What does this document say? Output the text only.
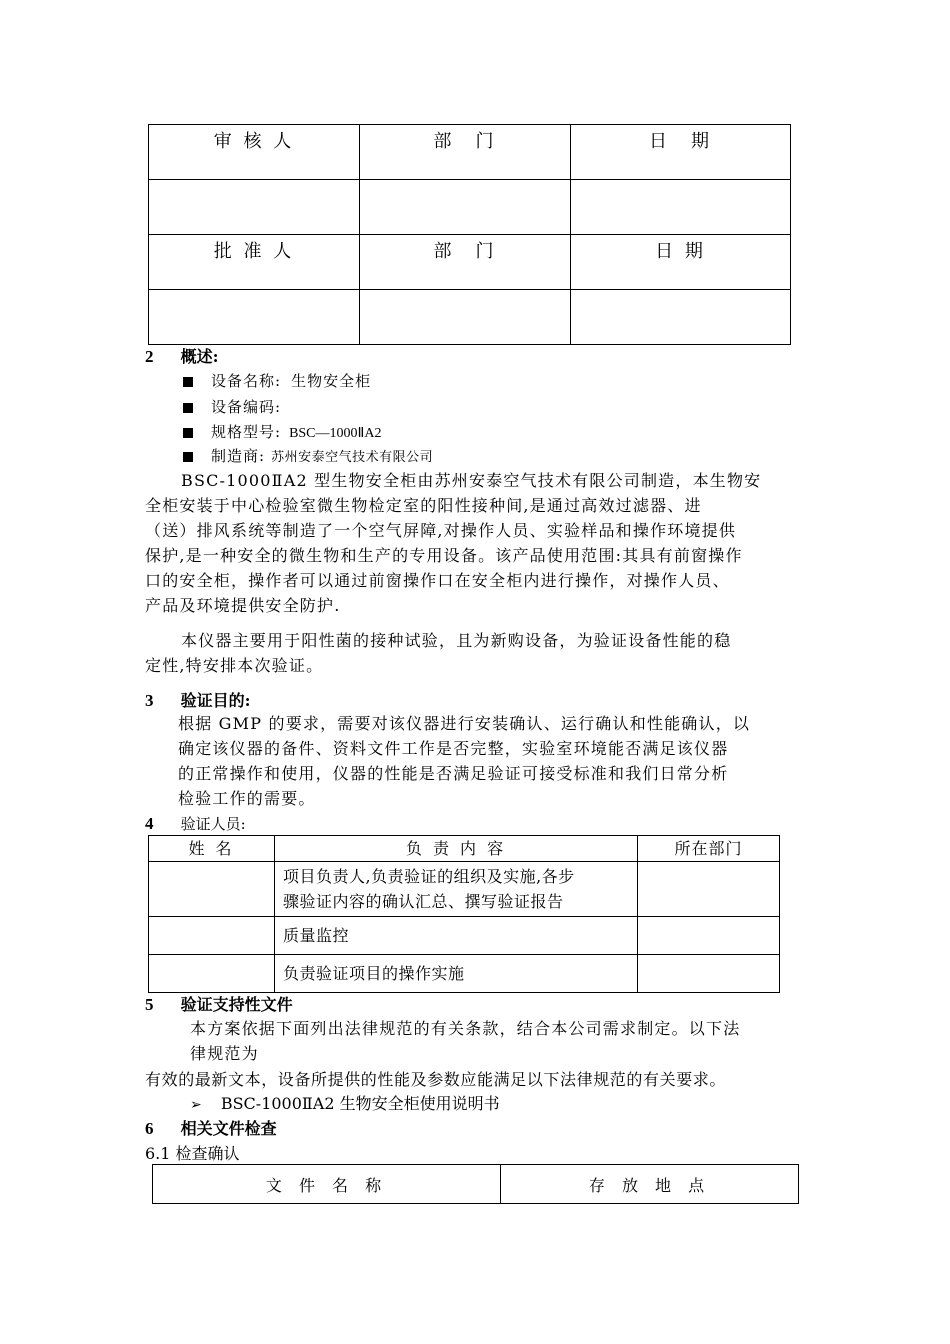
审 核 人	部　门	日　期

批 准 人	部　门	日 期

2 概述:
设备名称: 生物安全柜
设备编码:
规格型号: BSC—1000ⅡA2
制造商: 苏州安泰空气技术有限公司
BSC-1000ⅡA2 型生物安全柜由苏州安泰空气技术有限公司制造，本生物安
全柜安装于中心检验室微生物检定室的阳性接种间,是通过高效过滤器、进
（送）排风系统等制造了一个空气屏障,对操作人员、实验样品和操作环境提供
保护,是一种安全的微生物和生产的专用设备。该产品使用范围:其具有前窗操作
口的安全柜，操作者可以通过前窗操作口在安全柜内进行操作，对操作人员、
产品及环境提供安全防护.
本仪器主要用于阳性菌的接种试验，且为新购设备，为验证设备性能的稳
定性,特安排本次验证。
3 验证目的:
根据 GMP 的要求，需要对该仪器进行安装确认、运行确认和性能确认，以
确定该仪器的备件、资料文件工作是否完整，实验室环境能否满足该仪器
的正常操作和使用，仪器的性能是否满足验证可接受标准和我们日常分析
检验工作的需要。
4 验证人员:
姓 名	负 责 内 容	所在部门

	项目负责人,负责验证的组织及实施,各步
骤验证内容的确认汇总、撰写验证报告	

	质量监控	

	负责验证项目的操作实施	

5 验证支持性文件
本方案依据下面列出法律规范的有关条款，结合本公司需求制定。以下法
律规范为
有效的最新文本，设备所提供的性能及参数应能满足以下法律规范的有关要求。
➢ BSC-1000ⅡA2 生物安全柜使用说明书
6 相关文件检查
6.1 检查确认
文 件 名 称	存 放 地 点
